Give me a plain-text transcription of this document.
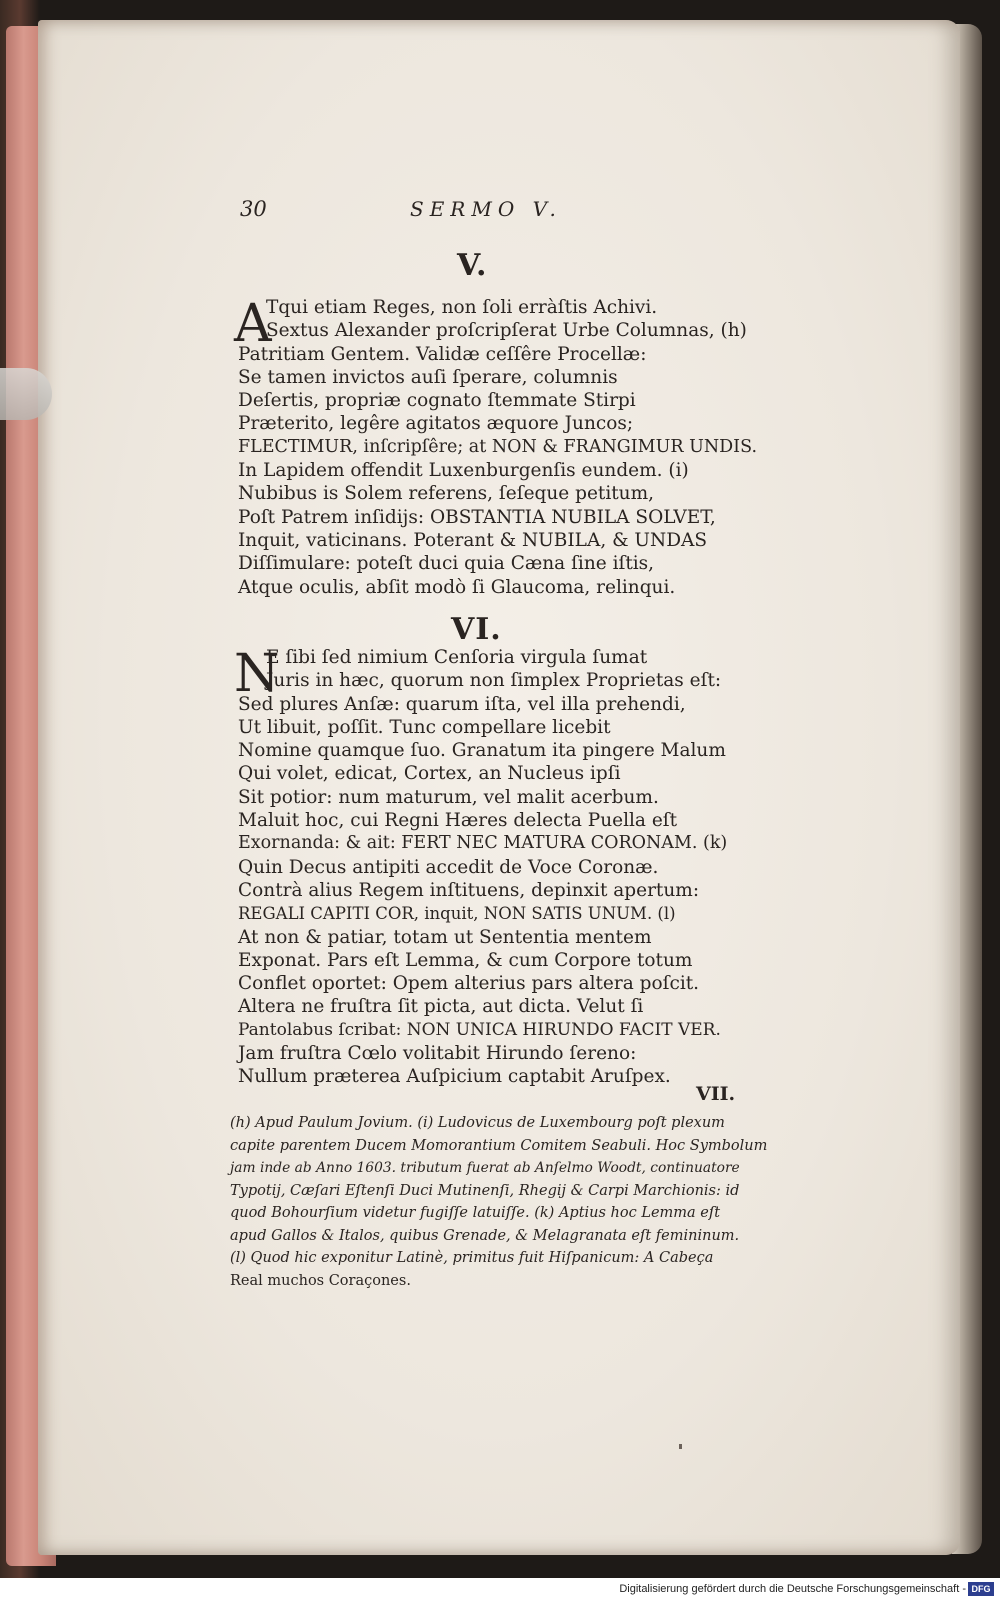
30	SERMO V.
V.
A
Tqui etiam Reges, non ſoli erràſtis Achivi.
Sextus Alexander proſcripſerat Urbe Columnas, (h)
Patritiam Gentem. Validæ ceſſêre Procellæ:
Se tamen invictos auſi ſperare, columnis
Deſertis, propriæ cognato ſtemmate Stirpi
Præterito, legêre agitatos æquore Juncos;
FLECTIMUR, inſcripſêre; at NON & FRANGIMUR UNDIS.
In Lapidem offendit Luxenburgenſis eundem. (i)
Nubibus is Solem referens, ſeſeque petitum,
Poſt Patrem inſidijs: OBSTANTIA NUBILA SOLVET,
Inquit, vaticinans. Poterant & NUBILA, & UNDAS
Diſſimulare: poteſt duci quia Cæna ſine iſtis,
Atque oculis, abſit modò ſi Glaucoma, relinqui.
VI.
N
E ſibi ſed nimium Cenſoria virgula ſumat
Juris in hæc, quorum non ſimplex Proprietas eſt:
Sed plures Anſæ: quarum iſta, vel illa prehendi,
Ut libuit, poſſit. Tunc compellare licebit
Nomine quamque ſuo. Granatum ita pingere Malum
Qui volet, edicat, Cortex, an Nucleus ipſi
Sit potior: num maturum, vel malit acerbum.
Maluit hoc, cui Regni Hæres delecta Puella eſt
Exornanda: & ait: FERT NEC MATURA CORONAM. (k)
Quin Decus antipiti accedit de Voce Coronæ.
Contrà alius Regem inſtituens, depinxit apertum:
REGALI CAPITI COR, inquit, NON SATIS UNUM. (l)
At non & patiar, totam ut Sententia mentem
Exponat. Pars eſt Lemma, & cum Corpore totum
Conflet oportet: Opem alterius pars altera poſcit.
Altera ne fruſtra ſit picta, aut dicta. Velut ſi
Pantolabus ſcribat: NON UNICA HIRUNDO FACIT VER.
Jam fruſtra Cœlo volitabit Hirundo ſereno:
Nullum præterea Auſpicium captabit Aruſpex.
VII.
(h) Apud Paulum Jovium. (i) Ludovicus de Luxembourg poſt plexum
capite parentem Ducem Momorantium Comitem Seabuli. Hoc Symbolum
jam inde ab Anno 1603. tributum fuerat ab Anſelmo Woodt, continuatore
Typotij, Cæſari Eſtenſi Duci Mutinenſi, Rhegij & Carpi Marchionis: id
quod Bohourſium videtur fugiſſe latuiſſe. (k) Aptius hoc Lemma eſt
apud Gallos & Italos, quibus Grenade, & Melagranata eſt femininum.
(l) Quod hic exponitur Latinè, primitus fuit Hiſpanicum: A Cabeça
Real muchos Coraçones.
Digitalisierung gefördert durch die Deutsche Forschungsgemeinschaft - DFG
